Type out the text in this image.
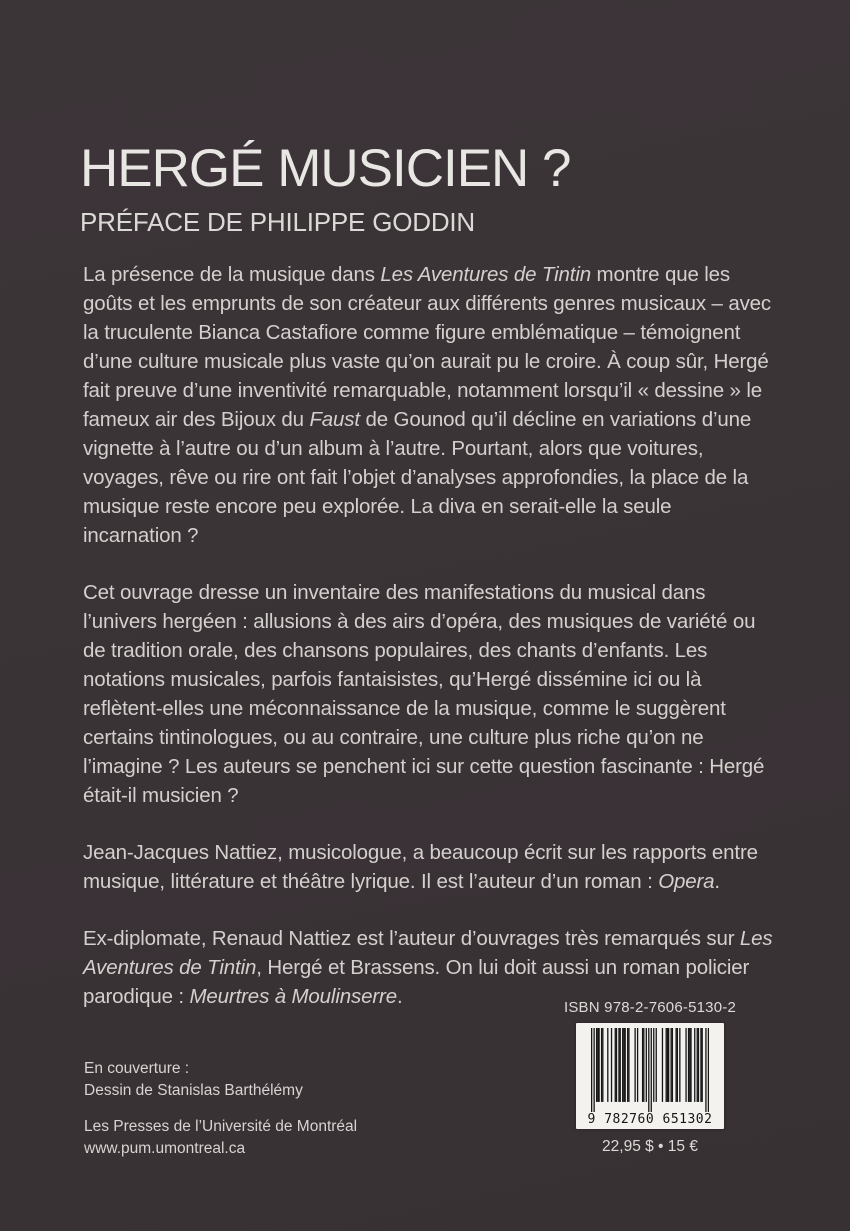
HERGÉ MUSICIEN ?
PRÉFACE DE PHILIPPE GODDIN

La présence de la musique dans Les Aventures de Tintin montre que les goûts et les emprunts de son créateur aux différents genres musicaux – avec la truculente Bianca Castafiore comme figure emblématique – témoignent d’une culture musicale plus vaste qu’on aurait pu le croire. À coup sûr, Hergé fait preuve d’une inventivité remarquable, notamment lorsqu’il « dessine » le fameux air des Bijoux du Faust de Gounod qu’il décline en variations d’une vignette à l’autre ou d’un album à l’autre. Pourtant, alors que voitures, voyages, rêve ou rire ont fait l’objet d’analyses approfondies, la place de la musique reste encore peu explorée. La diva en serait-elle la seule incarnation ?

Cet ouvrage dresse un inventaire des manifestations du musical dans l’univers hergéen : allusions à des airs d’opéra, des musiques de variété ou de tradition orale, des chansons populaires, des chants d’enfants. Les notations musicales, parfois fantaisistes, qu’Hergé dissémine ici ou là reflètent-elles une méconnaissance de la musique, comme le suggèrent certains tintinologues, ou au contraire, une culture plus riche qu’on ne l’imagine ? Les auteurs se penchent ici sur cette question fascinante : Hergé était-il musicien ?

Jean-Jacques Nattiez, musicologue, a beaucoup écrit sur les rapports entre musique, littérature et théâtre lyrique. Il est l’auteur d’un roman : Opera.

Ex-diplomate, Renaud Nattiez est l’auteur d’ouvrages très remarqués sur Les Aventures de Tintin, Hergé et Brassens. On lui doit aussi un roman policier parodique : Meurtres à Moulinserre.

En couverture :
Dessin de Stanislas Barthélémy
Les Presses de l’Université de Montréal
www.pum.umontreal.ca
ISBN 978-2-7606-5130-2
9 782760 651302
22,95 $ • 15 €
